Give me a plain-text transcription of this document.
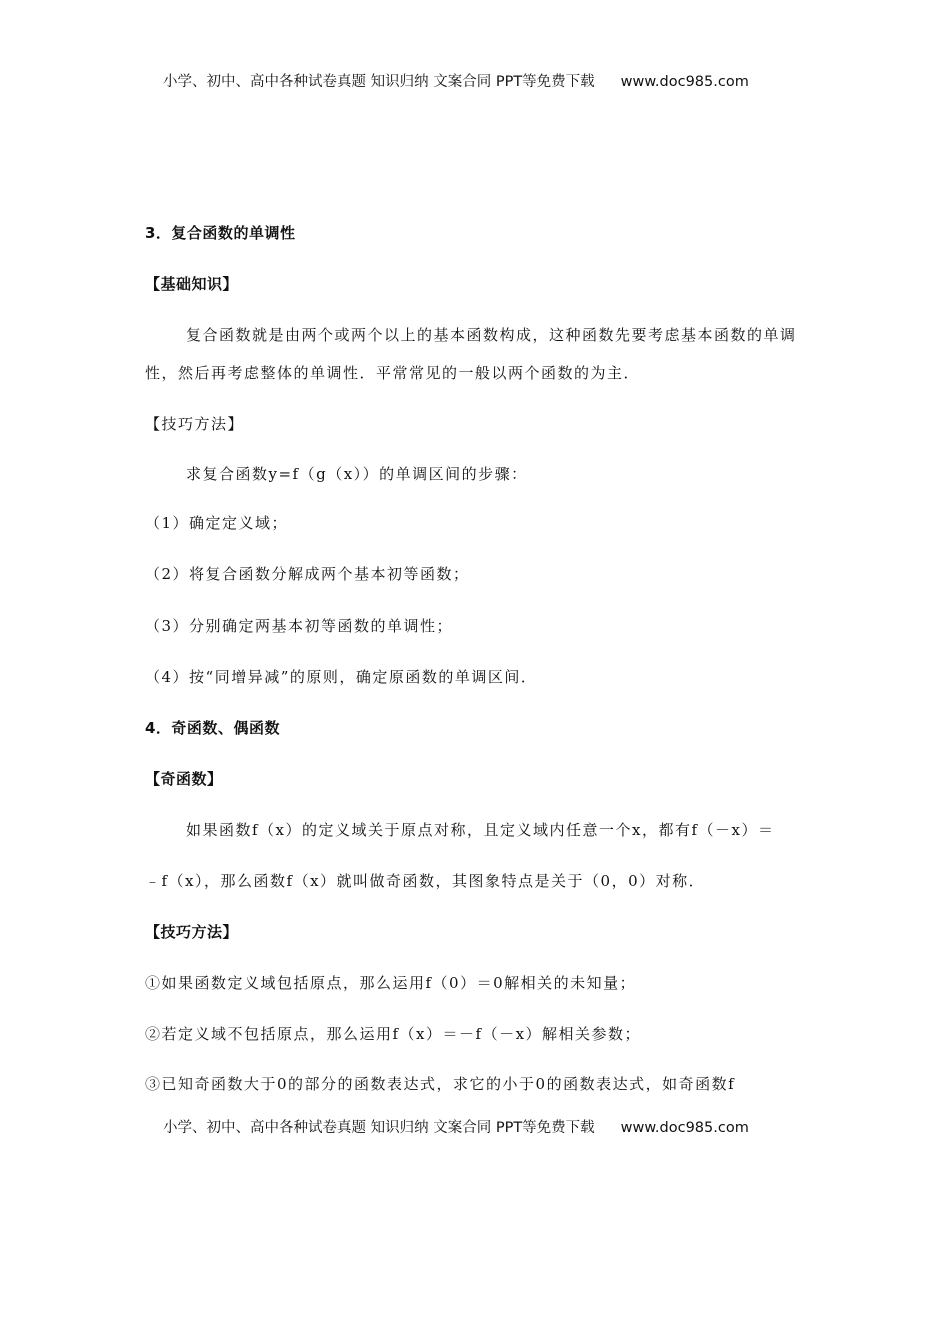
小学、初中、高中各种试卷真题 知识归纳 文案合同 PPT等免费下载 www.doc985.com
3．复合函数的单调性
【基础知识】
复合函数就是由两个或两个以上的基本函数构成，这种函数先要考虑基本函数的单调
性，然后再考虑整体的单调性．平常常见的一般以两个函数的为主．
【技巧方法】
求复合函数y=f（g（x））的单调区间的步骤：
（1）确定定义域；
（2）将复合函数分解成两个基本初等函数；
（3）分别确定两基本初等函数的单调性；
（4）按“同增异减”的原则，确定原函数的单调区间．
4．奇函数、偶函数
【奇函数】
如果函数f（x）的定义域关于原点对称，且定义域内任意一个x，都有f（－x）＝
﹣f（x），那么函数f（x）就叫做奇函数，其图象特点是关于（0，0）对称．
【技巧方法】
①如果函数定义域包括原点，那么运用f（0）＝0解相关的未知量；
②若定义域不包括原点，那么运用f（x）＝－f（－x）解相关参数；
③已知奇函数大于0的部分的函数表达式，求它的小于0的函数表达式，如奇函数f
小学、初中、高中各种试卷真题 知识归纳 文案合同 PPT等免费下载 www.doc985.com
